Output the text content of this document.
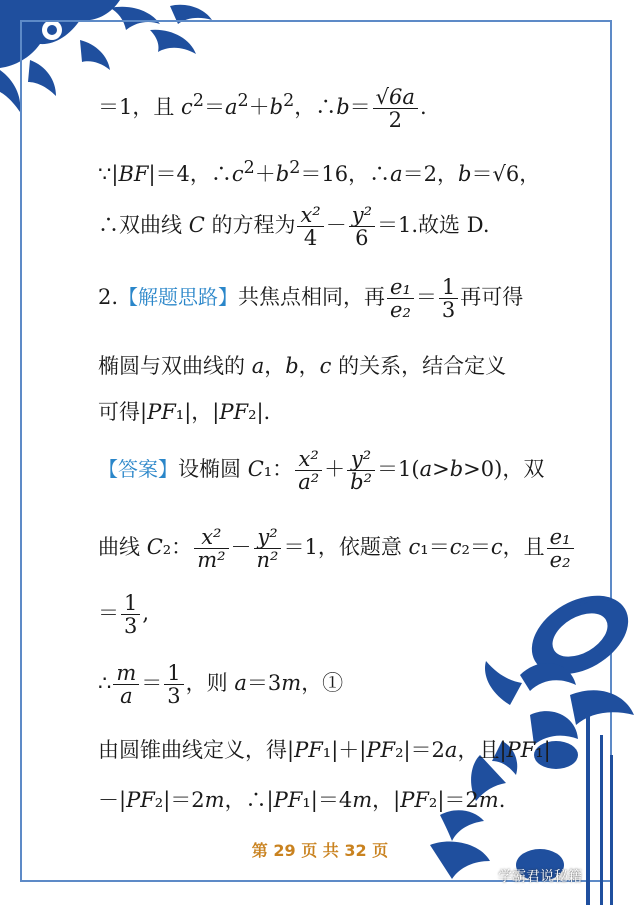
＝1，且 $c^2=a^2+b^2$，∴b＝ $\frac{√6a}{2}$ .
∵|BF|＝4，$\therefore c^2+b^2=16$，∴a＝2，b＝√6，
∴双曲线 C 的方程为 $\frac{\text{x²}}{4} - \frac{\text{y²}}{6} =1$.故选 D.
2.【解题思路】共焦点相同，再 $\frac{\text{e₁}}{\text{e₂}} = \frac{1}{3}$ 再可得
椭圆与双曲线的 a，b，c 的关系，结合定义
可得|PF₁|，|PF₂|.
【答案】设椭圆 C₁： $\frac{\text{x²}}{\text{a²}} + \frac{\text{y²}}{\text{b²}} =1(a>b>0)$，双
曲线 C₂： $\frac{\text{x²}}{\text{m²}} - \frac{\text{y²}}{\text{n²}} =1$，依题意 c₁＝c₂＝c，且 $\frac{\text{e₁}}{\text{e₂}}$
＝ $\frac{1}{3}$ ,
∴ $\frac{m}{a} = \frac{1}{3}$ ，则 a＝3m，①
由圆锥曲线定义，得|PF₁|＋|PF₂|＝2a，且|PF₁|
－|PF₂|＝2m，∴|PF₁|＝4m，|PF₂|＝2m.
第 29 页 共 32 页
学霸君说秘籍
